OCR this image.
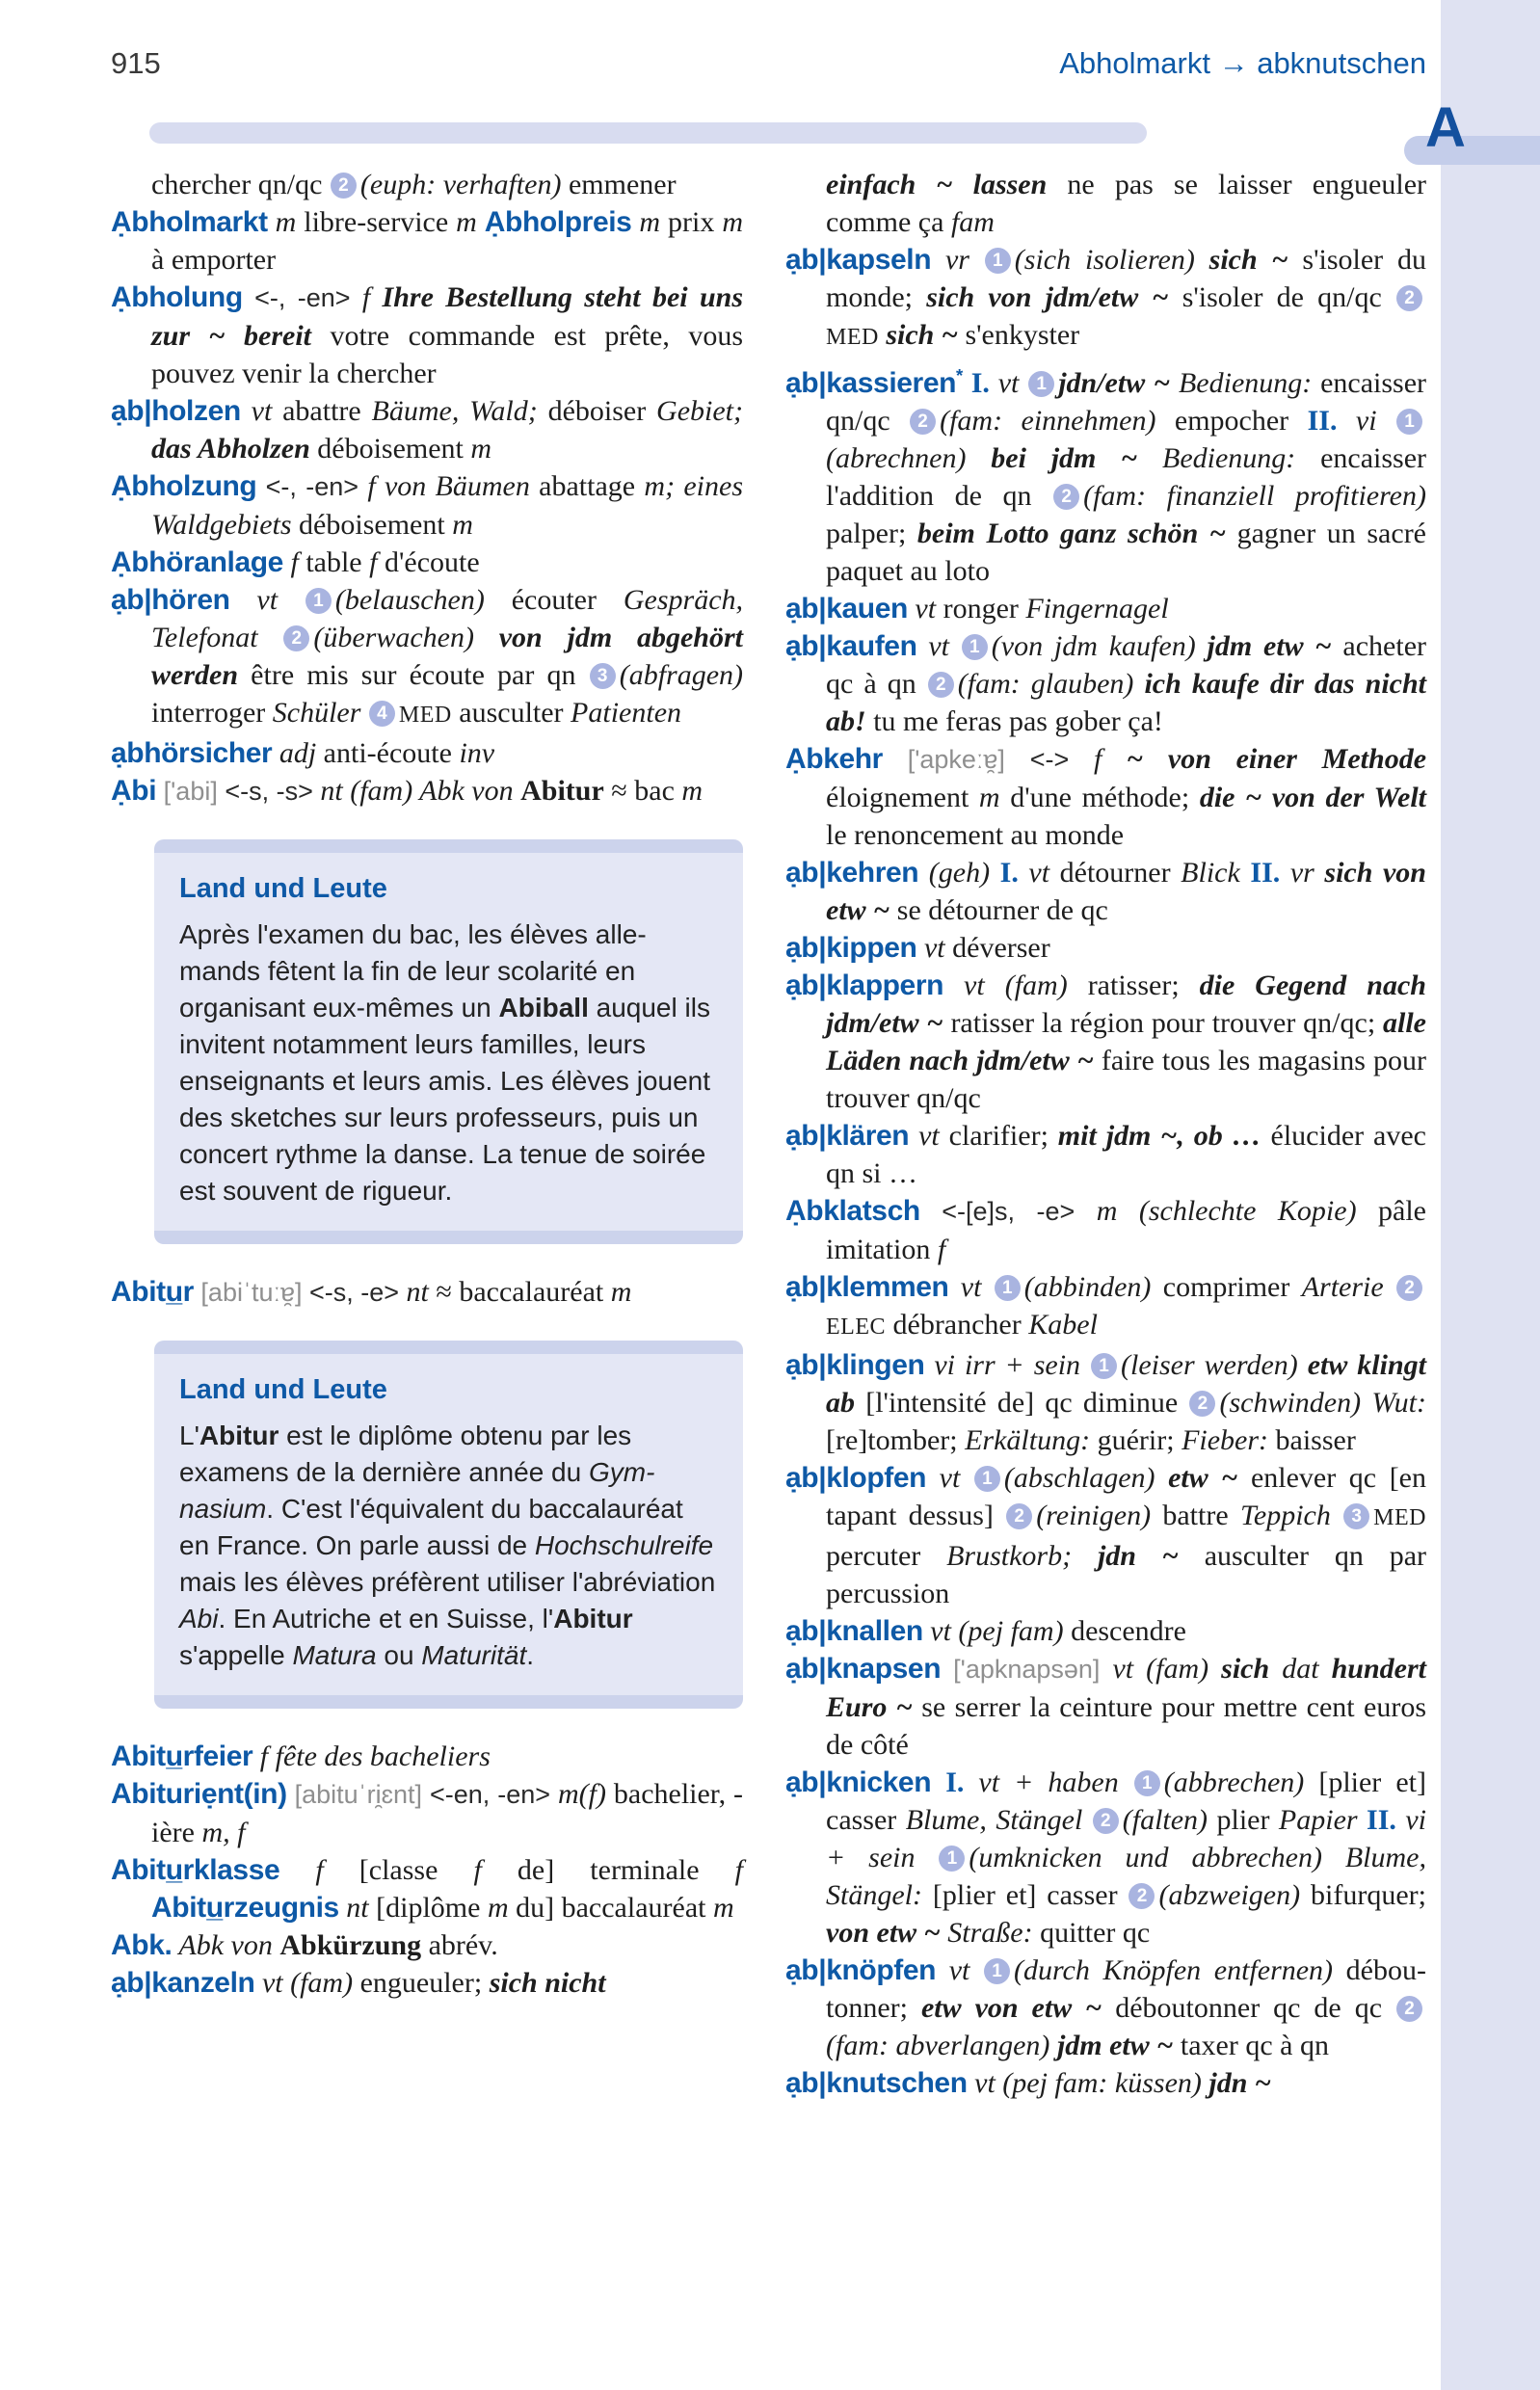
A
915	Abholmarkt → abknutschen

chercher qn/qc 2 (euph: verhaften) emmener

Ạbholmarkt m libre-service m Ạbholpreis m prix m à emporter

Ạbholung <-, -en> f Ihre Bestellung steht bei uns zur ~ bereit votre commande est prête, vous pouvez venir la chercher

ạb|holzen vt abattre Bäume, Wald; déboiser Gebiet; das Abholzen déboisement m

Ạbholzung <-, -en> f von Bäumen abattage m; eines Waldgebiets déboisement m

Ạbhöranlage f table f d'écoute

ạb|hören vt 1 (belauschen) écouter Gespräch, Telefonat 2 (überwachen) von jdm abgehört werden être mis sur écoute par qn 3 (abfragen) interroger Schüler 4 MED ausculter Patienten

ạbhörsicher adj anti-écoute inv

Ạbi ['abi] <-s, -s> nt (fam) Abk von Abitur ≈ bac m

Land und Leute

Après l'examen du bac, les élèves allemands fêtent la fin de leur scolarité en organisant eux-mêmes un Abiball auquel ils invitent notamment leurs familles, leurs enseignants et leurs amis. Les élèves jouent des sketches sur leurs professeurs, puis un concert rythme la danse. La tenue de soirée est souvent de rigueur.

Abitu̲r [abiˈtuːɐ̯] <-s, -e> nt ≈ baccalauréat m

Land und Leute

L'Abitur est le diplôme obtenu par les examens de la dernière année du Gymnasium. C'est l'équivalent du baccalauréat en France. On parle aussi de Hochschulreife mais les élèves préfèrent utiliser l'abréviation Abi. En Autriche et en Suisse, l'Abitur s'appelle Matura ou Maturität.

Abitu̲rfeier f fête des bacheliers

Abituriẹnt(in) [abituˈri̯ɛnt] <-en, -en> m(f) bachelier, -ière m, f

Abitu̲rklasse f [classe f de] terminale f Abitu̲rzeugnis nt [diplôme m du] baccalauréat m

Abk. Abk von Abkürzung abrév.

ạb|kanzeln vt (fam) engueuler; sich nicht

einfach ~ lassen ne pas se laisser engueuler comme ça fam

ạb|kapseln vr 1 (sich isolieren) sich ~ s'isoler du monde; sich von jdm/etw ~ s'isoler de qn/qc 2MED sich ~ s'enkyster

ạb|kassieren* I. vt 1 jdn/etw ~ Bedienung: encaisser qn/qc 2 (fam: einnehmen) empocher II. vi 1(abrechnen) bei jdm ~ Bedienung: encaisser l'addition de qn 2 (fam: finanziell profitieren) palper; beim Lotto ganz schön ~ gagner un sacré paquet au loto

ạb|kauen vt ronger Fingernagel

ạb|kaufen vt 1 (von jdm kaufen) jdm etw ~ acheter qc à qn 2 (fam: glauben) ich kaufe dir das nicht ab! tu me feras pas gober ça!

Ạbkehr ['apkeːɐ̯] <-> f ~ von einer Methode éloignement m d'une méthode; die ~ von der Welt le renoncement au monde

ạb|kehren (geh) I. vt détourner Blick II. vr sich von etw ~ se détourner de qc

ạb|kippen vt déverser

ạb|klappern vt (fam) ratisser; die Gegend nach jdm/etw ~ ratisser la région pour trouver qn/qc; alle Läden nach jdm/etw ~ faire tous les magasins pour trouver qn/qc

ạb|klären vt clarifier; mit jdm ~, ob … élucider avec qn si …

Ạbklatsch <-[e]s, -e> m (schlechte Kopie) pâle imitation f

ạb|klemmen vt 1 (abbinden) comprimer Arterie 2ELEC débrancher Kabel

ạb|klingen vi irr + sein 1 (leiser werden) etw klingt ab [l'intensité de] qc diminue 2 (schwinden) Wut: [re]tomber; Erkältung: guérir; Fieber: baisser

ạb|klopfen vt 1 (abschlagen) etw ~ enlever qc [en tapant dessus] 2 (reinigen) battre Teppich 3 MED percuter Brustkorb; jdn ~ ausculter qn par percussion

ạb|knallen vt (pej fam) descendre

ạb|knapsen ['apknapsən] vt (fam) sich dat hundert Euro ~ se serrer la ceinture pour mettre cent euros de côté

ạb|knicken I. vt + haben 1 (abbrechen) [plier et] casser Blume, Stängel 2 (falten) plier Papier II. vi + sein 1 (umknicken und abbrechen) Blume, Stängel: [plier et] casser 2 (abzweigen) bifurquer; von etw ~ Straße: quitter qc

ạb|knöpfen vt 1 (durch Knöpfen entfernen) déboutonner; etw von etw ~ déboutonner qc de qc 2(fam: abverlangen) jdm etw ~ taxer qc à qn

ạb|knutschen vt (pej fam: küssen) jdn ~
